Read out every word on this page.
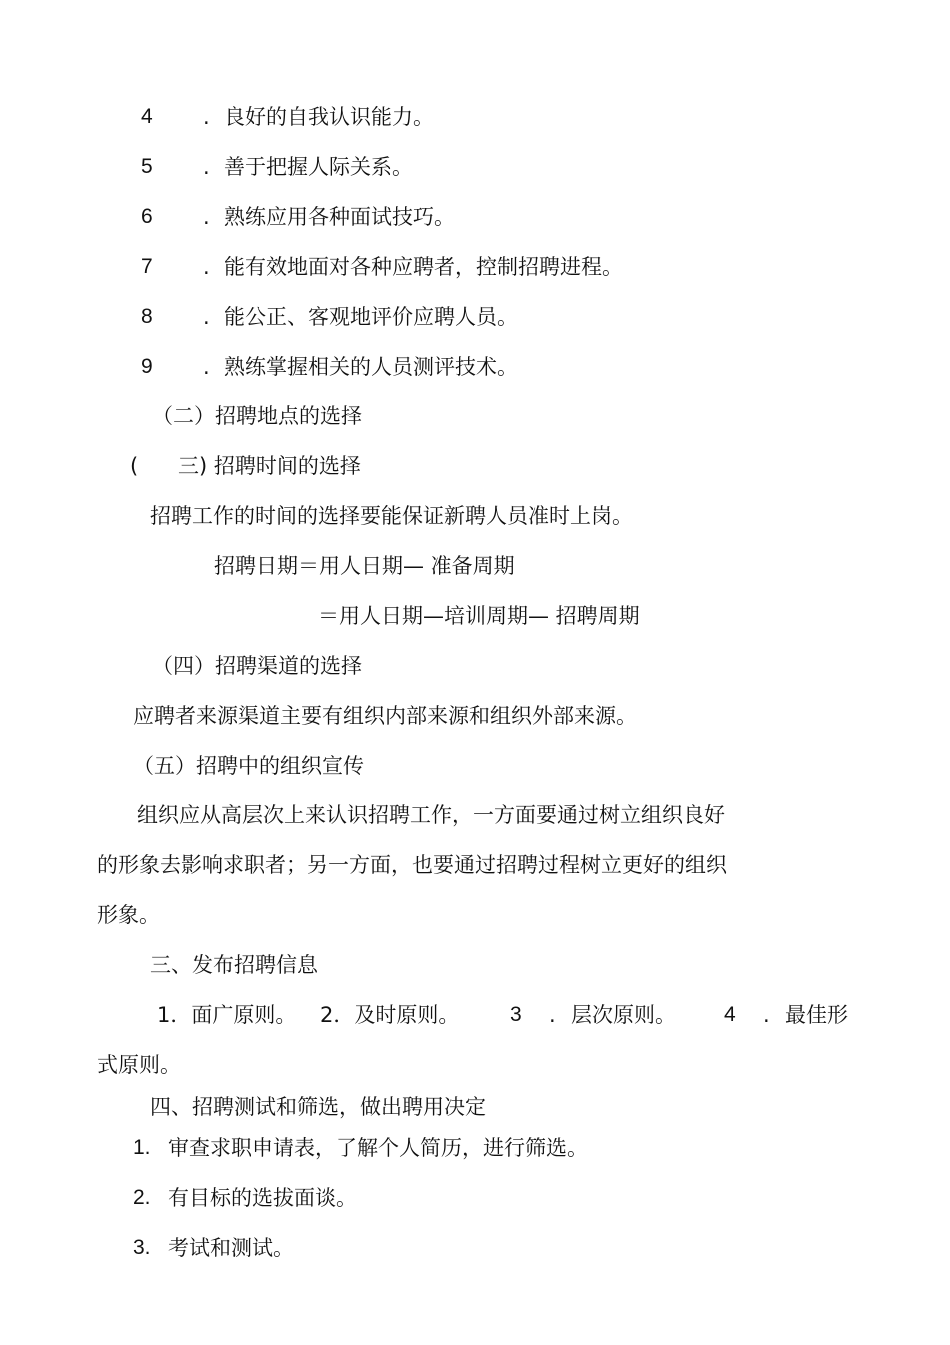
4 . 良好的自我认识能力。
5 . 善于把握人际关系。
6 . 熟练应用各种面试技巧。
7 . 能有效地面对各种应聘者，控制招聘进程。
8 . 能公正、客观地评价应聘人员。
9 . 熟练掌握相关的人员测评技术。
（二）招聘地点的选择
( 三) 招聘时间的选择
招聘工作的时间的选择要能保证新聘人员准时上岗。
招聘日期＝用人日期— 准备周期
＝用人日期—培训周期— 招聘周期
（四）招聘渠道的选择
应聘者来源渠道主要有组织内部来源和组织外部来源。
（五）招聘中的组织宣传
组织应从高层次上来认识招聘工作，一方面要通过树立组织良好
的形象去影响求职者；另一方面，也要通过招聘过程树立更好的组织
形象。
三、发布招聘信息
1．面广原则。 2．及时原则。 3 . 层次原则。 4 . 最佳形
式原则。
四、招聘测试和筛选，做出聘用决定
1. 审查求职申请表，了解个人简历，进行筛选。
2. 有目标的选拔面谈。
3. 考试和测试。
